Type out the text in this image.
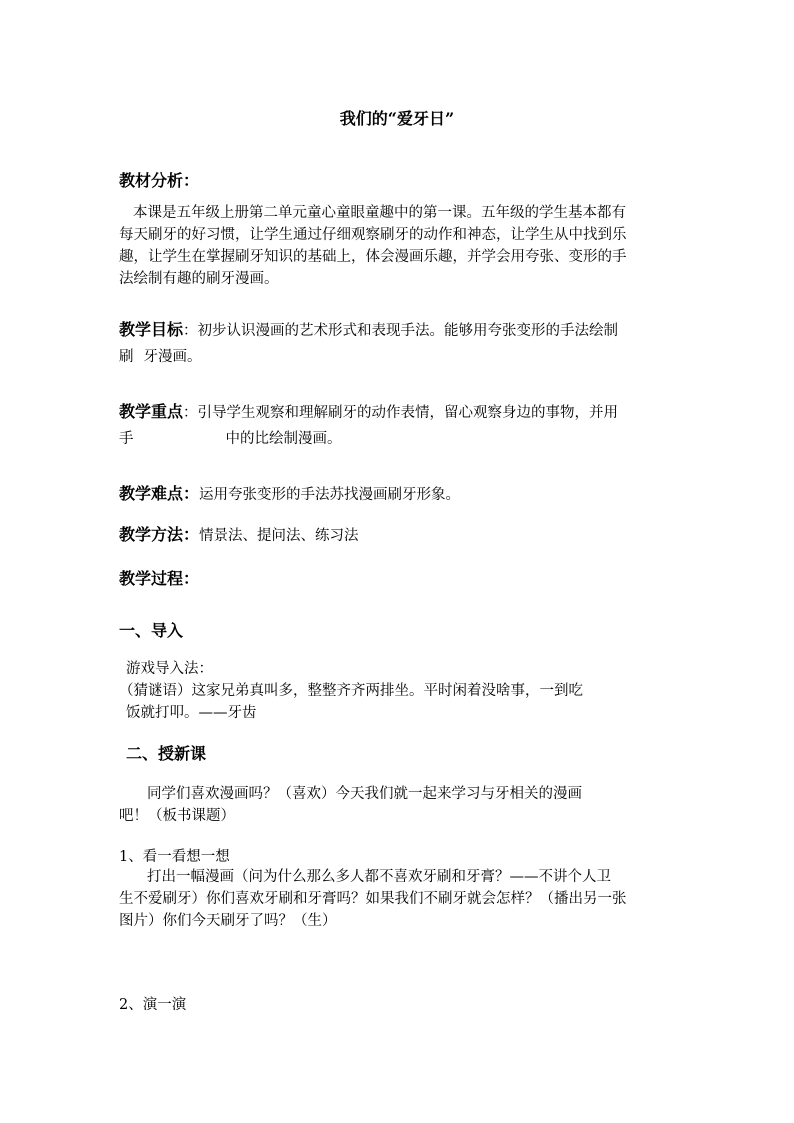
我们的“爱牙日”
教材分析：
本课是五年级上册第二单元童心童眼童趣中的第一课。五年级的学生基本都有
每天刷牙的好习惯，让学生通过仔细观察刷牙的动作和神态，让学生从中找到乐
趣，让学生在掌握刷牙知识的基础上，体会漫画乐趣，并学会用夸张、变形的手
法绘制有趣的刷牙漫画。
教学目标：初步认识漫画的艺术形式和表现手法。能够用夸张变形的手法绘制
刷 牙漫画。
教学重点：引导学生观察和理解刷牙的动作表情，留心观察身边的事物，并用
手	中的比绘制漫画。
教学难点：运用夸张变形的手法苏找漫画刷牙形象。
教学方法：情景法、提问法、练习法
教学过程：
一、导入
游戏导入法：
（猜谜语）这家兄弟真叫多，整整齐齐两排坐。平时闲着没啥事，一到吃
饭就打叩。——牙齿
二、授新课
同学们喜欢漫画吗？（喜欢）今天我们就一起来学习与牙相关的漫画
吧！（板书课题）
1、看一看想一想
打出一幅漫画（问为什么那么多人都不喜欢牙刷和牙膏？——不讲个人卫
生不爱刷牙）你们喜欢牙刷和牙膏吗？如果我们不刷牙就会怎样？（播出另一张
图片）你们今天刷牙了吗？（生）
2、演一演
